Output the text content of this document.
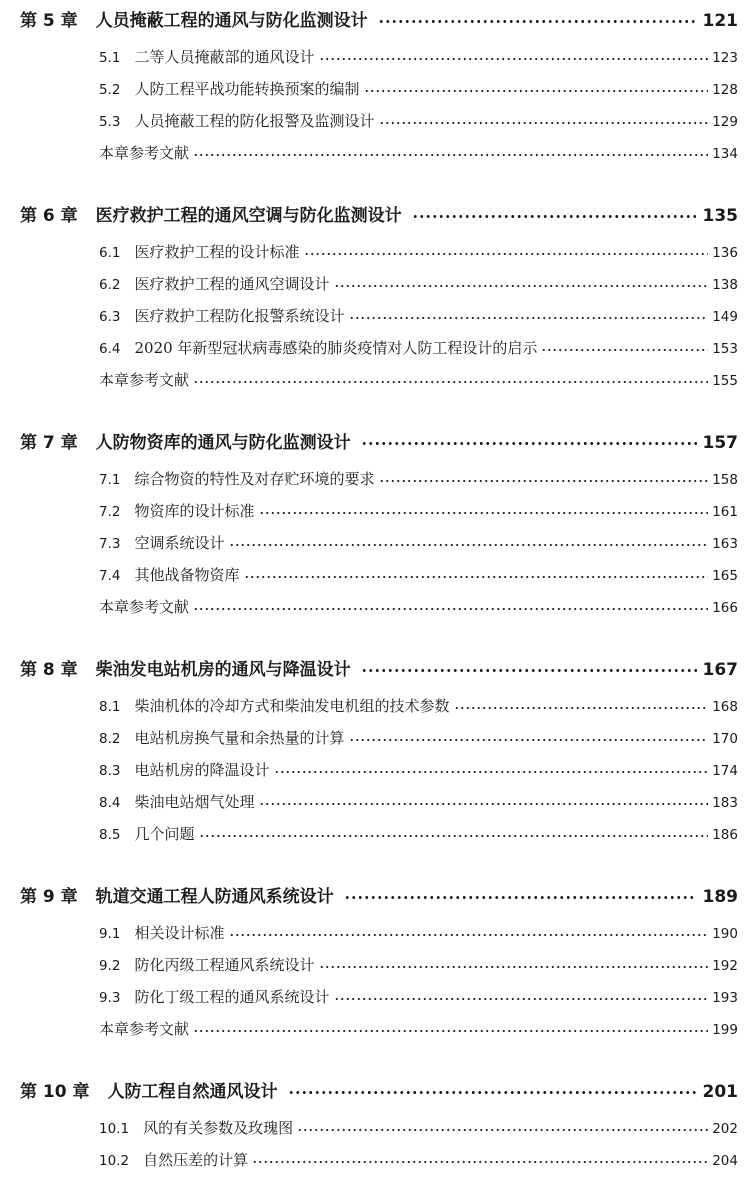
第 5 章 人员掩蔽工程的通风与防化监测设计	121
5.1 二等人员掩蔽部的通风设计	123
5.2 人防工程平战功能转换预案的编制	128
5.3 人员掩蔽工程的防化报警及监测设计	129
本章参考文献	134
第 6 章 医疗救护工程的通风空调与防化监测设计	135
6.1 医疗救护工程的设计标准	136
6.2 医疗救护工程的通风空调设计	138
6.3 医疗救护工程防化报警系统设计	149
6.4 2020 年新型冠状病毒感染的肺炎疫情对人防工程设计的启示	153
本章参考文献	155
第 7 章 人防物资库的通风与防化监测设计	157
7.1 综合物资的特性及对存贮环境的要求	158
7.2 物资库的设计标准	161
7.3 空调系统设计	163
7.4 其他战备物资库	165
本章参考文献	166
第 8 章 柴油发电站机房的通风与降温设计	167
8.1 柴油机体的冷却方式和柴油发电机组的技术参数	168
8.2 电站机房换气量和余热量的计算	170
8.3 电站机房的降温设计	174
8.4 柴油电站烟气处理	183
8.5 几个问题	186
第 9 章 轨道交通工程人防通风系统设计	189
9.1 相关设计标准	190
9.2 防化丙级工程通风系统设计	192
9.3 防化丁级工程的通风系统设计	193
本章参考文献	199
第 10 章 人防工程自然通风设计	201
10.1 风的有关参数及玫瑰图	202
10.2 自然压差的计算	204
